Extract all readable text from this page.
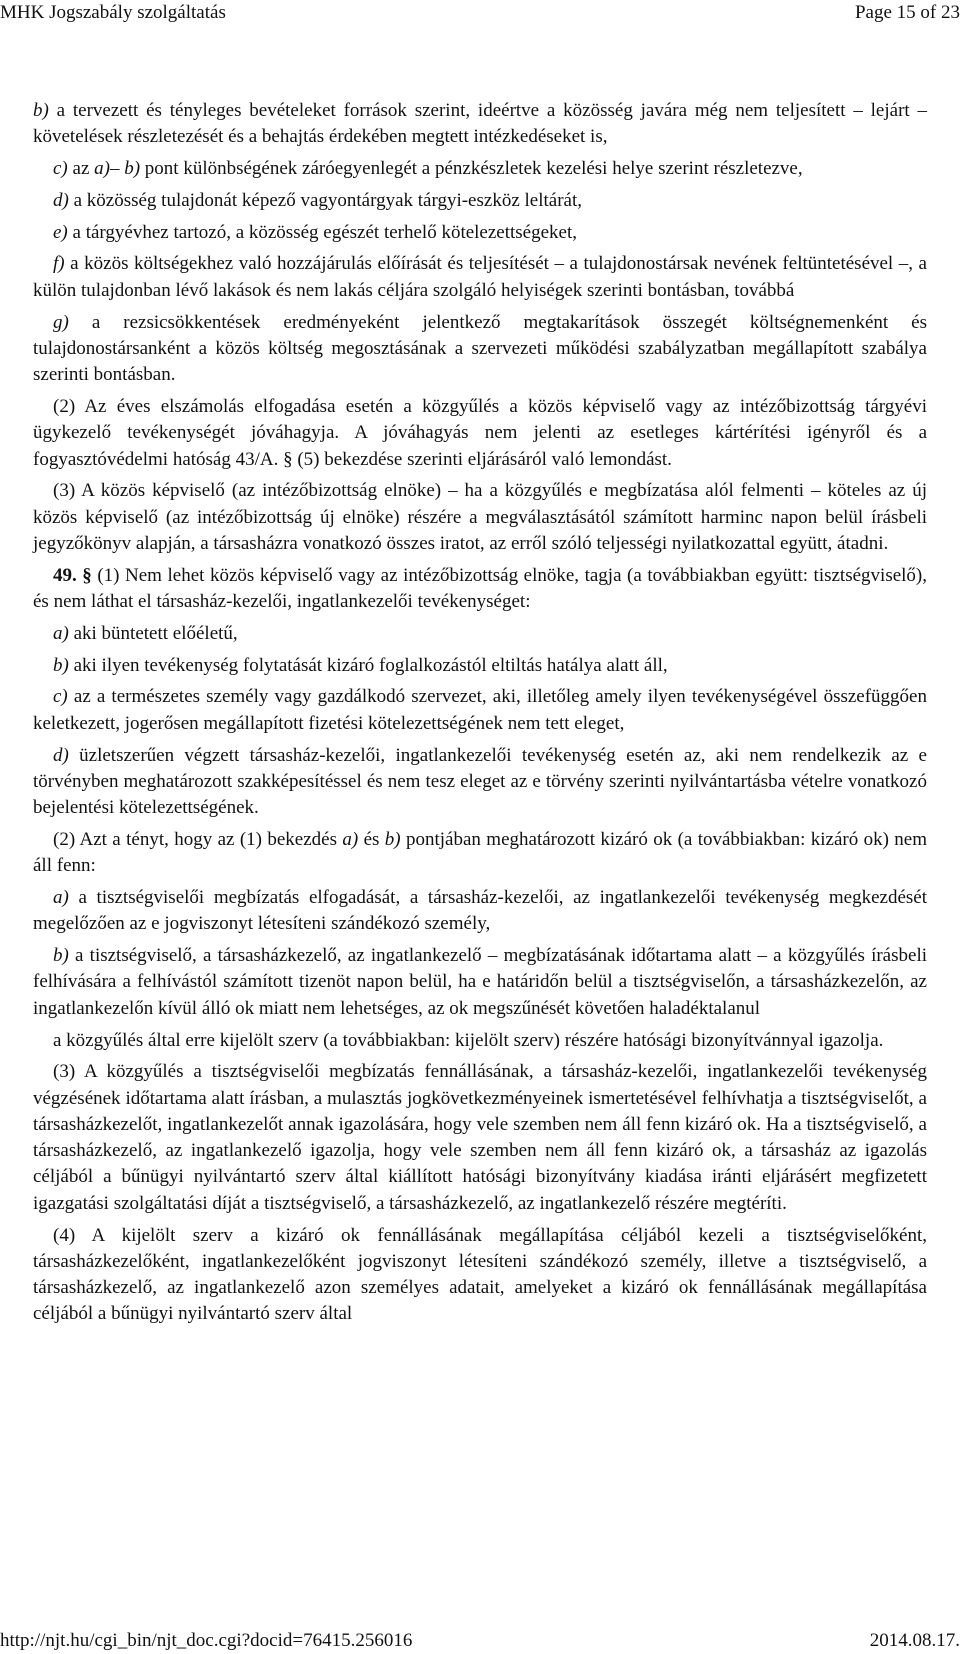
MHK Jogszabály szolgáltatás	Page 15 of 23

b) a tervezett és tényleges bevételeket források szerint, ideértve a közösség javára még nem teljesített – lejárt – követelések részletezését és a behajtás érdekében megtett intézkedéseket is,

c) az a)– b) pont különbségének záróegyenlegét a pénzkészletek kezelési helye szerint részletezve,

d) a közösség tulajdonát képező vagyontárgyak tárgyi-eszköz leltárát,

e) a tárgyévhez tartozó, a közösség egészét terhelő kötelezettségeket,

f) a közös költségekhez való hozzájárulás előírását és teljesítését – a tulajdonostársak nevének feltüntetésével –, a külön tulajdonban lévő lakások és nem lakás céljára szolgáló helyiségek szerinti bontásban, továbbá

g) a rezsicsökkentések eredményeként jelentkező megtakarítások összegét költségnemenként és tulajdonostársanként a közös költség megosztásának a szervezeti működési szabályzatban megállapított szabálya szerinti bontásban.

(2) Az éves elszámolás elfogadása esetén a közgyűlés a közös képviselő vagy az intézőbizottság tárgyévi ügykezelő tevékenységét jóváhagyja. A jóváhagyás nem jelenti az esetleges kártérítési igényről és a fogyasztóvédelmi hatóság 43/A. § (5) bekezdése szerinti eljárásáról való lemondást.

(3) A közös képviselő (az intézőbizottság elnöke) – ha a közgyűlés e megbízatása alól felmenti – köteles az új közös képviselő (az intézőbizottság új elnöke) részére a megválasztásától számított harminc napon belül írásbeli jegyzőkönyv alapján, a társasházra vonatkozó összes iratot, az erről szóló teljességi nyilatkozattal együtt, átadni.

49. § (1) Nem lehet közös képviselő vagy az intézőbizottság elnöke, tagja (a továbbiakban együtt: tisztségviselő), és nem láthat el társasház-kezelői, ingatlankezelői tevékenységet:

a) aki büntetett előéletű,

b) aki ilyen tevékenység folytatását kizáró foglalkozástól eltiltás hatálya alatt áll,

c) az a természetes személy vagy gazdálkodó szervezet, aki, illetőleg amely ilyen tevékenységével összefüggően keletkezett, jogerősen megállapított fizetési kötelezettségének nem tett eleget,

d) üzletszerűen végzett társasház-kezelői, ingatlankezelői tevékenység esetén az, aki nem rendelkezik az e törvényben meghatározott szakképesítéssel és nem tesz eleget az e törvény szerinti nyilvántartásba vételre vonatkozó bejelentési kötelezettségének.

(2) Azt a tényt, hogy az (1) bekezdés a) és b) pontjában meghatározott kizáró ok (a továbbiakban: kizáró ok) nem áll fenn:

a) a tisztségviselői megbízatás elfogadását, a társasház-kezelői, az ingatlankezelői tevékenység megkezdését megelőzően az e jogviszonyt létesíteni szándékozó személy,

b) a tisztségviselő, a társasházkezelő, az ingatlankezelő – megbízatásának időtartama alatt – a közgyűlés írásbeli felhívására a felhívástól számított tizenöt napon belül, ha e határidőn belül a tisztségviselőn, a társasházkezelőn, az ingatlankezelőn kívül álló ok miatt nem lehetséges, az ok megszűnését követően haladéktalanul

a közgyűlés által erre kijelölt szerv (a továbbiakban: kijelölt szerv) részére hatósági bizonyítvánnyal igazolja.

(3) A közgyűlés a tisztségviselői megbízatás fennállásának, a társasház-kezelői, ingatlankezelői tevékenység végzésének időtartama alatt írásban, a mulasztás jogkövetkezményeinek ismertetésével felhívhatja a tisztségviselőt, a társasházkezelőt, ingatlankezelőt annak igazolására, hogy vele szemben nem áll fenn kizáró ok. Ha a tisztségviselő, a társasházkezelő, az ingatlankezelő igazolja, hogy vele szemben nem áll fenn kizáró ok, a társasház az igazolás céljából a bűnügyi nyilvántartó szerv által kiállított hatósági bizonyítvány kiadása iránti eljárásért megfizetett igazgatási szolgáltatási díját a tisztségviselő, a társasházkezelő, az ingatlankezelő részére megtéríti.

(4) A kijelölt szerv a kizáró ok fennállásának megállapítása céljából kezeli a tisztségviselőként, társasházkezelőként, ingatlankezelőként jogviszonyt létesíteni szándékozó személy, illetve a tisztségviselő, a társasházkezelő, az ingatlankezelő azon személyes adatait, amelyeket a kizáró ok fennállásának megállapítása céljából a bűnügyi nyilvántartó szerv által

http://njt.hu/cgi_bin/njt_doc.cgi?docid=76415.256016	2014.08.17.
